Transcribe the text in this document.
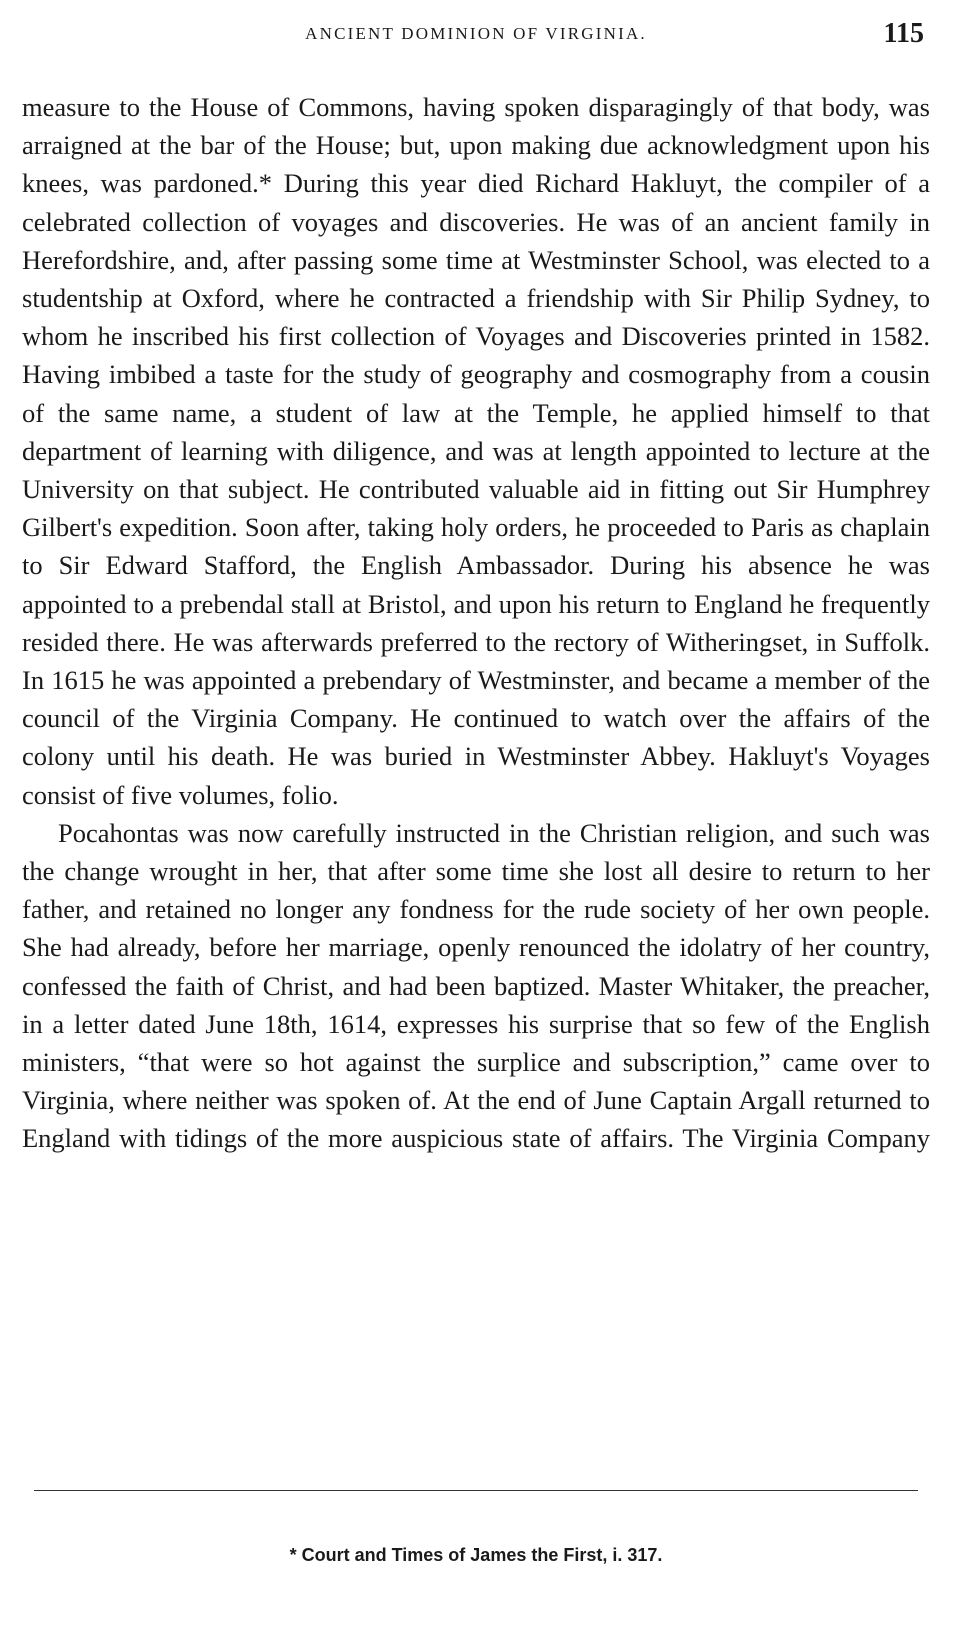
ANCIENT DOMINION OF VIRGINIA.	115

measure to the House of Commons, having spoken disparagingly of that body, was arraigned at the bar of the House; but, upon making due acknowledgment upon his knees, was pardoned.* During this year died Richard Hakluyt, the compiler of a celebrated collection of voyages and discoveries. He was of an ancient family in Herefordshire, and, after passing some time at Westminster School, was elected to a studentship at Oxford, where he contracted a friendship with Sir Philip Sydney, to whom he inscribed his first collection of Voyages and Discoveries printed in 1582. Having imbibed a taste for the study of geography and cosmography from a cousin of the same name, a student of law at the Temple, he applied himself to that department of learning with diligence, and was at length appointed to lecture at the University on that subject. He contributed valuable aid in fitting out Sir Humphrey Gilbert's expedition. Soon after, taking holy orders, he proceeded to Paris as chaplain to Sir Edward Stafford, the English Ambassador. During his absence he was appointed to a prebendal stall at Bristol, and upon his return to England he frequently resided there. He was afterwards preferred to the rectory of Witheringset, in Suffolk. In 1615 he was appointed a prebendary of Westminster, and became a member of the council of the Virginia Company. He continued to watch over the affairs of the colony until his death. He was buried in Westminster Abbey. Hakluyt's Voyages consist of five volumes, folio.

Pocahontas was now carefully instructed in the Christian religion, and such was the change wrought in her, that after some time she lost all desire to return to her father, and retained no longer any fondness for the rude society of her own people. She had already, before her marriage, openly renounced the idolatry of her country, confessed the faith of Christ, and had been baptized. Master Whitaker, the preacher, in a letter dated June 18th, 1614, expresses his surprise that so few of the English ministers, “that were so hot against the surplice and subscription,” came over to Virginia, where neither was spoken of. At the end of June Captain Argall returned to England with tidings of the more auspicious state of affairs. The Virginia Company

* Court and Times of James the First, i. 317.
